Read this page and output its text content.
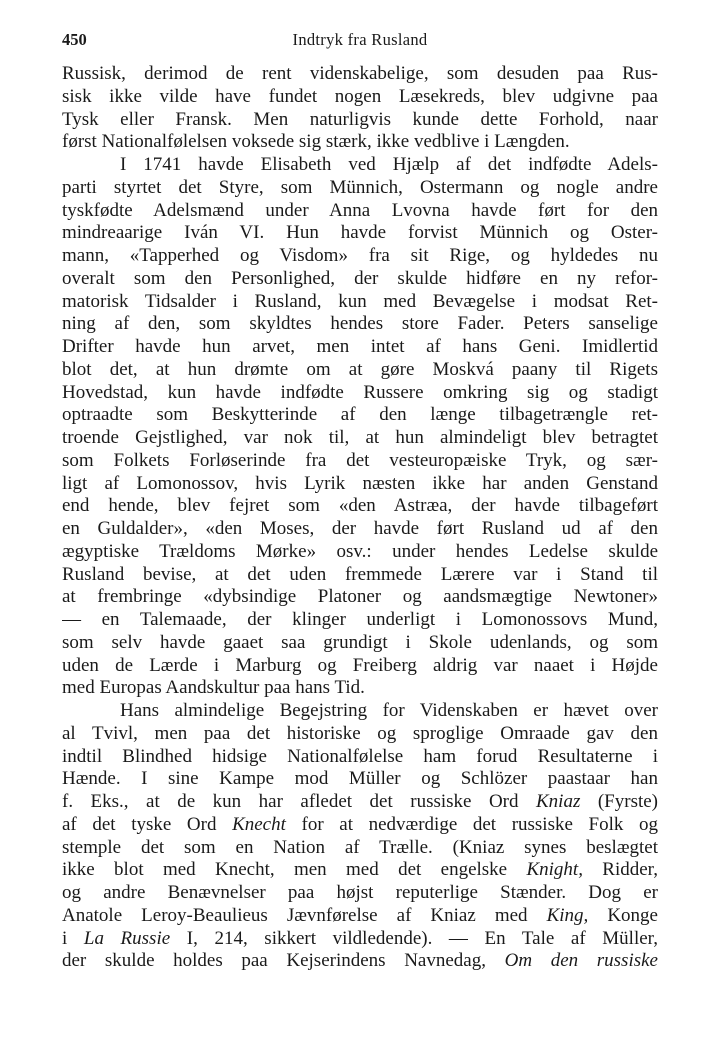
450	Indtryk fra Rusland
Russisk, derimod de rent videnskabelige, som desuden paa Rus-
sisk ikke vilde have fundet nogen Læsekreds, blev udgivne paa
Tysk eller Fransk. Men naturligvis kunde dette Forhold, naar
først Nationalfølelsen voksede sig stærk, ikke vedblive i Længden.
I 1741 havde Elisabeth ved Hjælp af det indfødte Adels-
parti styrtet det Styre, som Münnich, Ostermann og nogle andre
tyskfødte Adelsmænd under Anna Lvovna havde ført for den
mindreaarige Iván VI. Hun havde forvist Münnich og Oster-
mann, «Tapperhed og Visdom» fra sit Rige, og hyldedes nu
overalt som den Personlighed, der skulde hidføre en ny refor-
matorisk Tidsalder i Rusland, kun med Bevægelse i modsat Ret-
ning af den, som skyldtes hendes store Fader. Peters sanselige
Drifter havde hun arvet, men intet af hans Geni. Imidlertid
blot det, at hun drømte om at gøre Moskvá paany til Rigets
Hovedstad, kun havde indfødte Russere omkring sig og stadigt
optraadte som Beskytterinde af den længe tilbagetrængle ret-
troende Gejstlighed, var nok til, at hun almindeligt blev betragtet
som Folkets Forløserinde fra det vesteuropæiske Tryk, og sær-
ligt af Lomonossov, hvis Lyrik næsten ikke har anden Genstand
end hende, blev fejret som «den Astræa, der havde tilbageført
en Guldalder», «den Moses, der havde ført Rusland ud af den
ægyptiske Trældoms Mørke» osv.: under hendes Ledelse skulde
Rusland bevise, at det uden fremmede Lærere var i Stand til
at frembringe «dybsindige Platoner og aandsmægtige Newtoner»
— en Talemaade, der klinger underligt i Lomonossovs Mund,
som selv havde gaaet saa grundigt i Skole udenlands, og som
uden de Lærde i Marburg og Freiberg aldrig var naaet i Højde
med Europas Aandskultur paa hans Tid.
Hans almindelige Begejstring for Videnskaben er hævet over
al Tvivl, men paa det historiske og sproglige Omraade gav den
indtil Blindhed hidsige Nationalfølelse ham forud Resultaterne i
Hænde. I sine Kampe mod Müller og Schlözer paastaar han
f. Eks., at de kun har afledet det russiske Ord Kniaz (Fyrste)
af det tyske Ord Knecht for at nedværdige det russiske Folk og
stemple det som en Nation af Trælle. (Kniaz synes beslægtet
ikke blot med Knecht, men med det engelske Knight, Ridder,
og andre Benævnelser paa højst reputerlige Stænder. Dog er
Anatole Leroy-Beaulieus Jævnførelse af Kniaz med King, Konge
i La Russie I, 214, sikkert vildledende). — En Tale af Müller,
der skulde holdes paa Kejserindens Navnedag, Om den russiske
